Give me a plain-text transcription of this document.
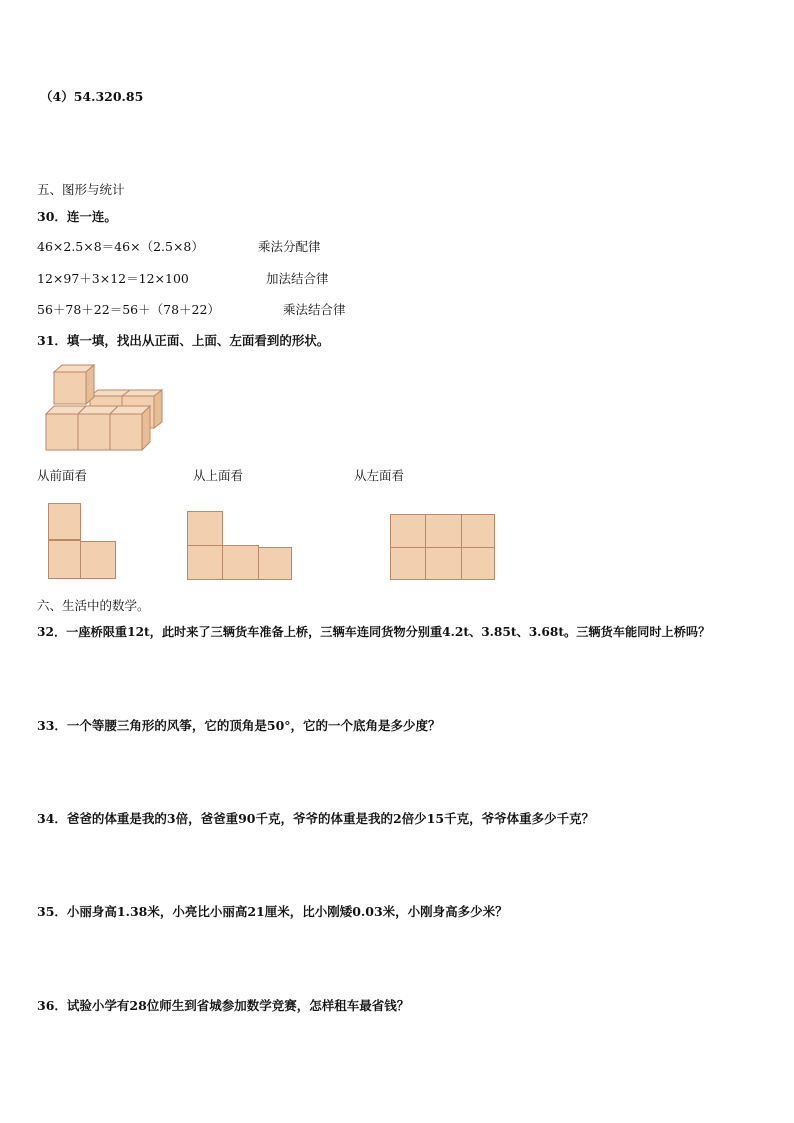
（4）54.320.85
五、图形与统计
30．连一连。
46×2.5×8＝46×（2.5×8）	乘法分配律
12×97＋3×12＝12×100	加法结合律
56＋78＋22＝56＋（78＋22）	乘法结合律
31．填一填，找出从正面、上面、左面看到的形状。
从前面看	从上面看	从左面看
六、生活中的数学。
32．一座桥限重12t，此时来了三辆货车准备上桥，三辆车连同货物分别重4.2t、3.85t、3.68t。三辆货车能同时上桥吗？
33．一个等腰三角形的风筝，它的顶角是50°，它的一个底角是多少度？
34．爸爸的体重是我的3倍，爸爸重90千克，爷爷的体重是我的2倍少15千克，爷爷体重多少千克？
35．小丽身高1.38米，小亮比小丽高21厘米，比小刚矮0.03米，小刚身高多少米？
36．试验小学有28位师生到省城参加数学竞赛，怎样租车最省钱？
